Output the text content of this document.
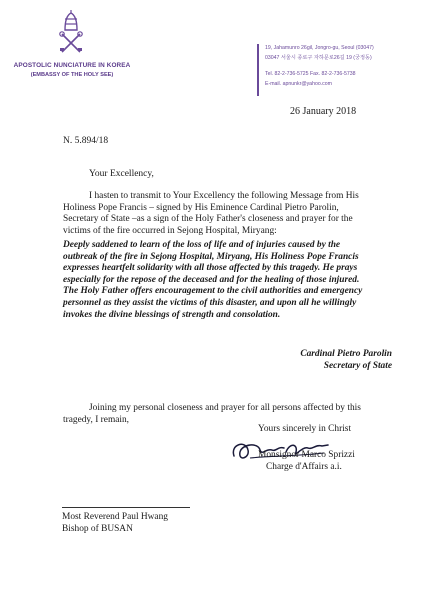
APOSTOLIC NUNCIATURE IN KOREA
(EMBASSY OF THE HOLY SEE)
19, Jahamunro 26gil, Jongro-gu, Seoul (03047)
03047 서울시 종로구 자하문로26길 19 (궁정동)
Tel. 82-2-736-5725 Fax. 82-2-736-5738
E-mail. apnunkr@yahoo.com
26 January 2018
N. 5.894/18
Your Excellency,
I hasten to transmit to Your Excellency the following Message from His
Holiness Pope Francis – signed by His Eminence Cardinal Pietro Parolin,
Secretary of State –as a sign of the Holy Father's closeness and prayer for the
victims of the fire occurred in Sejong Hospital, Miryang:
Deeply saddened to learn of the loss of life and of injuries caused by the
outbreak of the fire in Sejong Hospital, Miryang, His Holiness Pope Francis
expresses heartfelt solidarity with all those affected by this tragedy. He prays
especially for the repose of the deceased and for the healing of those injured.
The Holy Father offers encouragement to the civil authorities and emergency
personnel as they assist the victims of this disaster, and upon all he willingly
invokes the divine blessings of strength and consolation.
Cardinal Pietro Parolin
Secretary of State
Joining my personal closeness and prayer for all persons affected by this
tragedy, I remain,
Yours sincerely in Christ
Monsignor Marco Sprizzi
Charge d'Affairs a.i.
Most Reverend Paul Hwang
Bishop of BUSAN
